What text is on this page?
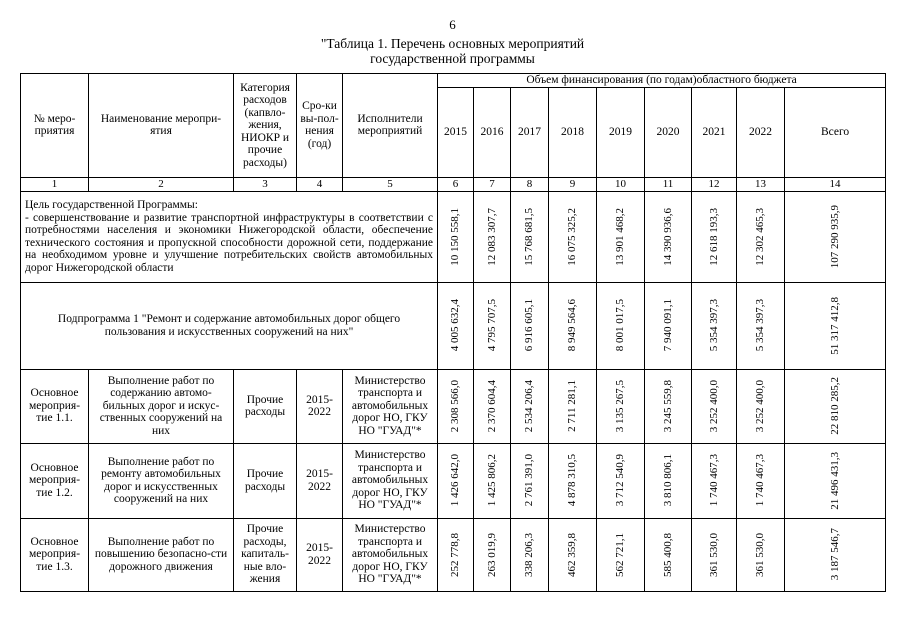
6
"Таблица 1. Перечень основных мероприятий
государственной программы
№ меро-приятия	Наименование меропри-ятия	Категория расходов (капвло-жения, НИОКР и прочие расходы)	Сро-ки вы-пол-нения (год)	Исполнители мероприятий	Объем финансирования (по годам)областного бюджета								
					2015	2016	2017	2018	2019	2020	2021	2022	Всего
1	2	3	4	5	6	7	8	9	10	11	12	13	14

Цель государственной Программы:
- совершенствование и развитие транспортной инфраструктуры в соответствии с потребностями населения и экономики Нижегородской области, обеспечение технического состояния и пропускной способности дорожной сети, поддержание на необходимом уровне и улучшение потребительских свойств автомобильных дорог Нижегородской области					10 150 558,1	12 083 307,7	15 768 681,5	16 075 325,2	13 901 468,2	14 390 936,6	12 618 193,3	12 302 465,3	107 290 935,9

Подпрограмма 1 "Ремонт и содержание автомобильных дорог общего пользования и искусственных сооружений на них"					4 005 632,4	4 795 707,5	6 916 605,1	8 949 564,6	8 001 017,5	7 940 091,1	5 354 397,3	5 354 397,3	51 317 412,8

Основное мероприя-тие 1.1.	Выполнение работ по содержанию автомо-бильных дорог и искус-ственных сооружений на них	Прочие расходы	2015-2022	Министерство транспорта и автомобильных дорог НО, ГКУ НО "ГУАД"*	2 308 566,0	2 370 604,4	2 534 206,4	2 711 281,1	3 135 267,5	3 245 559,8	3 252 400,0	3 252 400,0	22 810 285,2

Основное мероприя-тие 1.2.	Выполнение работ по ремонту автомобильных дорог и искусственных сооружений на них	Прочие расходы	2015-2022	Министерство транспорта и автомобильных дорог НО, ГКУ НО "ГУАД"*	1 426 642,0	1 425 806,2	2 761 391,0	4 878 310,5	3 712 540,9	3 810 806,1	1 740 467,3	1 740 467,3	21 496 431,3

Основное мероприя-тие 1.3.	Выполнение работ по повышению безопасно-сти дорожного движения	Прочие расходы, капиталь-ные вло-жения	2015-2022	Министерство транспорта и автомобильных дорог НО, ГКУ НО "ГУАД"*	252 778,8	263 019,9	338 206,3	462 359,8	562 721,1	585 400,8	361 530,0	361 530,0	3 187 546,7
